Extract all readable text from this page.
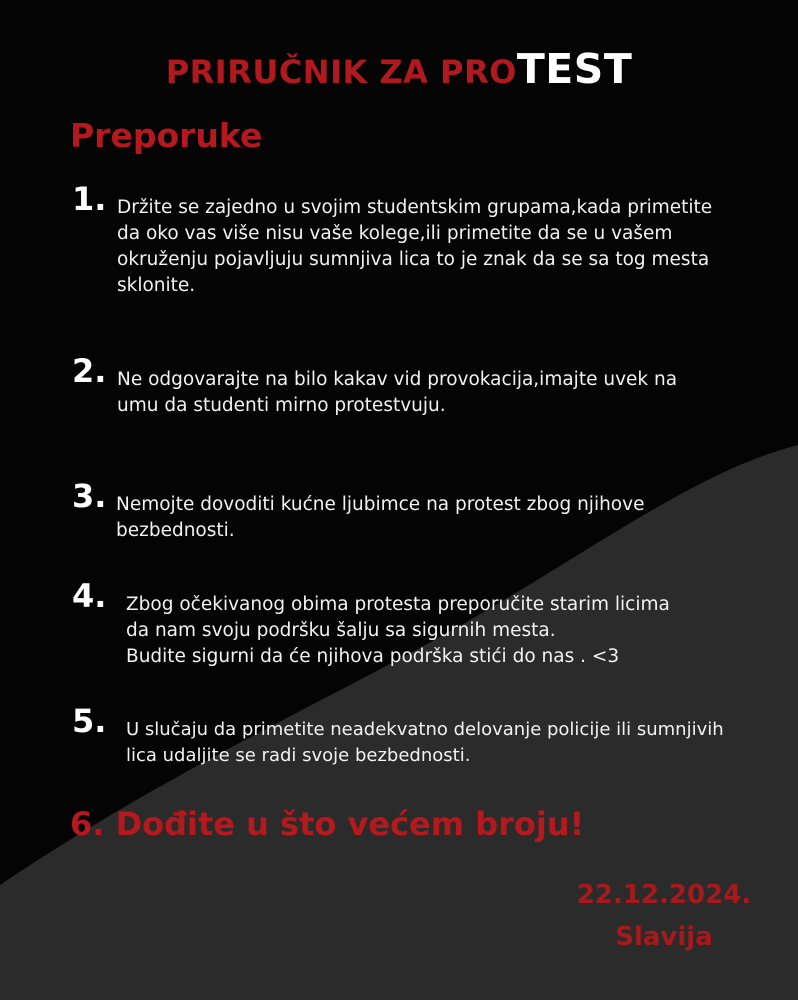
PRIRUČNIK ZA PROTEST
Preporuke
1. Držite se zajedno u svojim studentskim grupama,kada primetite
da oko vas više nisu vaše kolege,ili primetite da se u vašem
okruženju pojavljuju sumnjiva lica to je znak da se sa tog mesta
sklonite.
2. Ne odgovarajte na bilo kakav vid provokacija,imajte uvek na
umu da studenti mirno protestvuju.
3. Nemojte dovoditi kućne ljubimce na protest zbog njihove
bezbednosti.
4. Zbog očekivanog obima protesta preporučite starim licima
da nam svoju podršku šalju sa sigurnih mesta.
Budite sigurni da će njihova podrška stići do nas . <3
5. U slučaju da primetite neadekvatno delovanje policije ili sumnjivih
lica udaljite se radi svoje bezbednosti.
6. Dođite u što većem broju!
22.12.2024.
Slavija
